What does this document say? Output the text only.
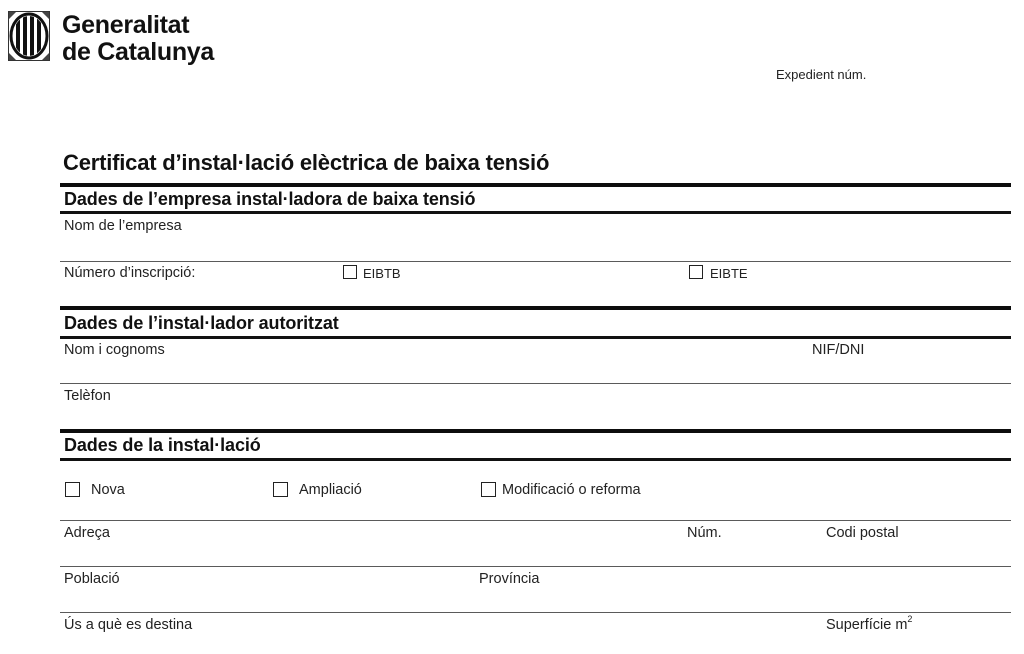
Generalitat
de Catalunya
Expedient núm.
Certificat d’instal·lació elèctrica de baixa tensió
Dades de l’empresa instal·ladora de baixa tensió
Nom de l’empresa
Número d’inscripció:	EIBTB	EIBTE
Dades de l’instal·lador autoritzat
Nom i cognoms	NIF/DNI
Telèfon
Dades de la instal·lació
Nova	Ampliació	Modificació o reforma
Adreça	Núm.	Codi postal
Població	Província
Ús a què es destina	Superfície $m^2$
